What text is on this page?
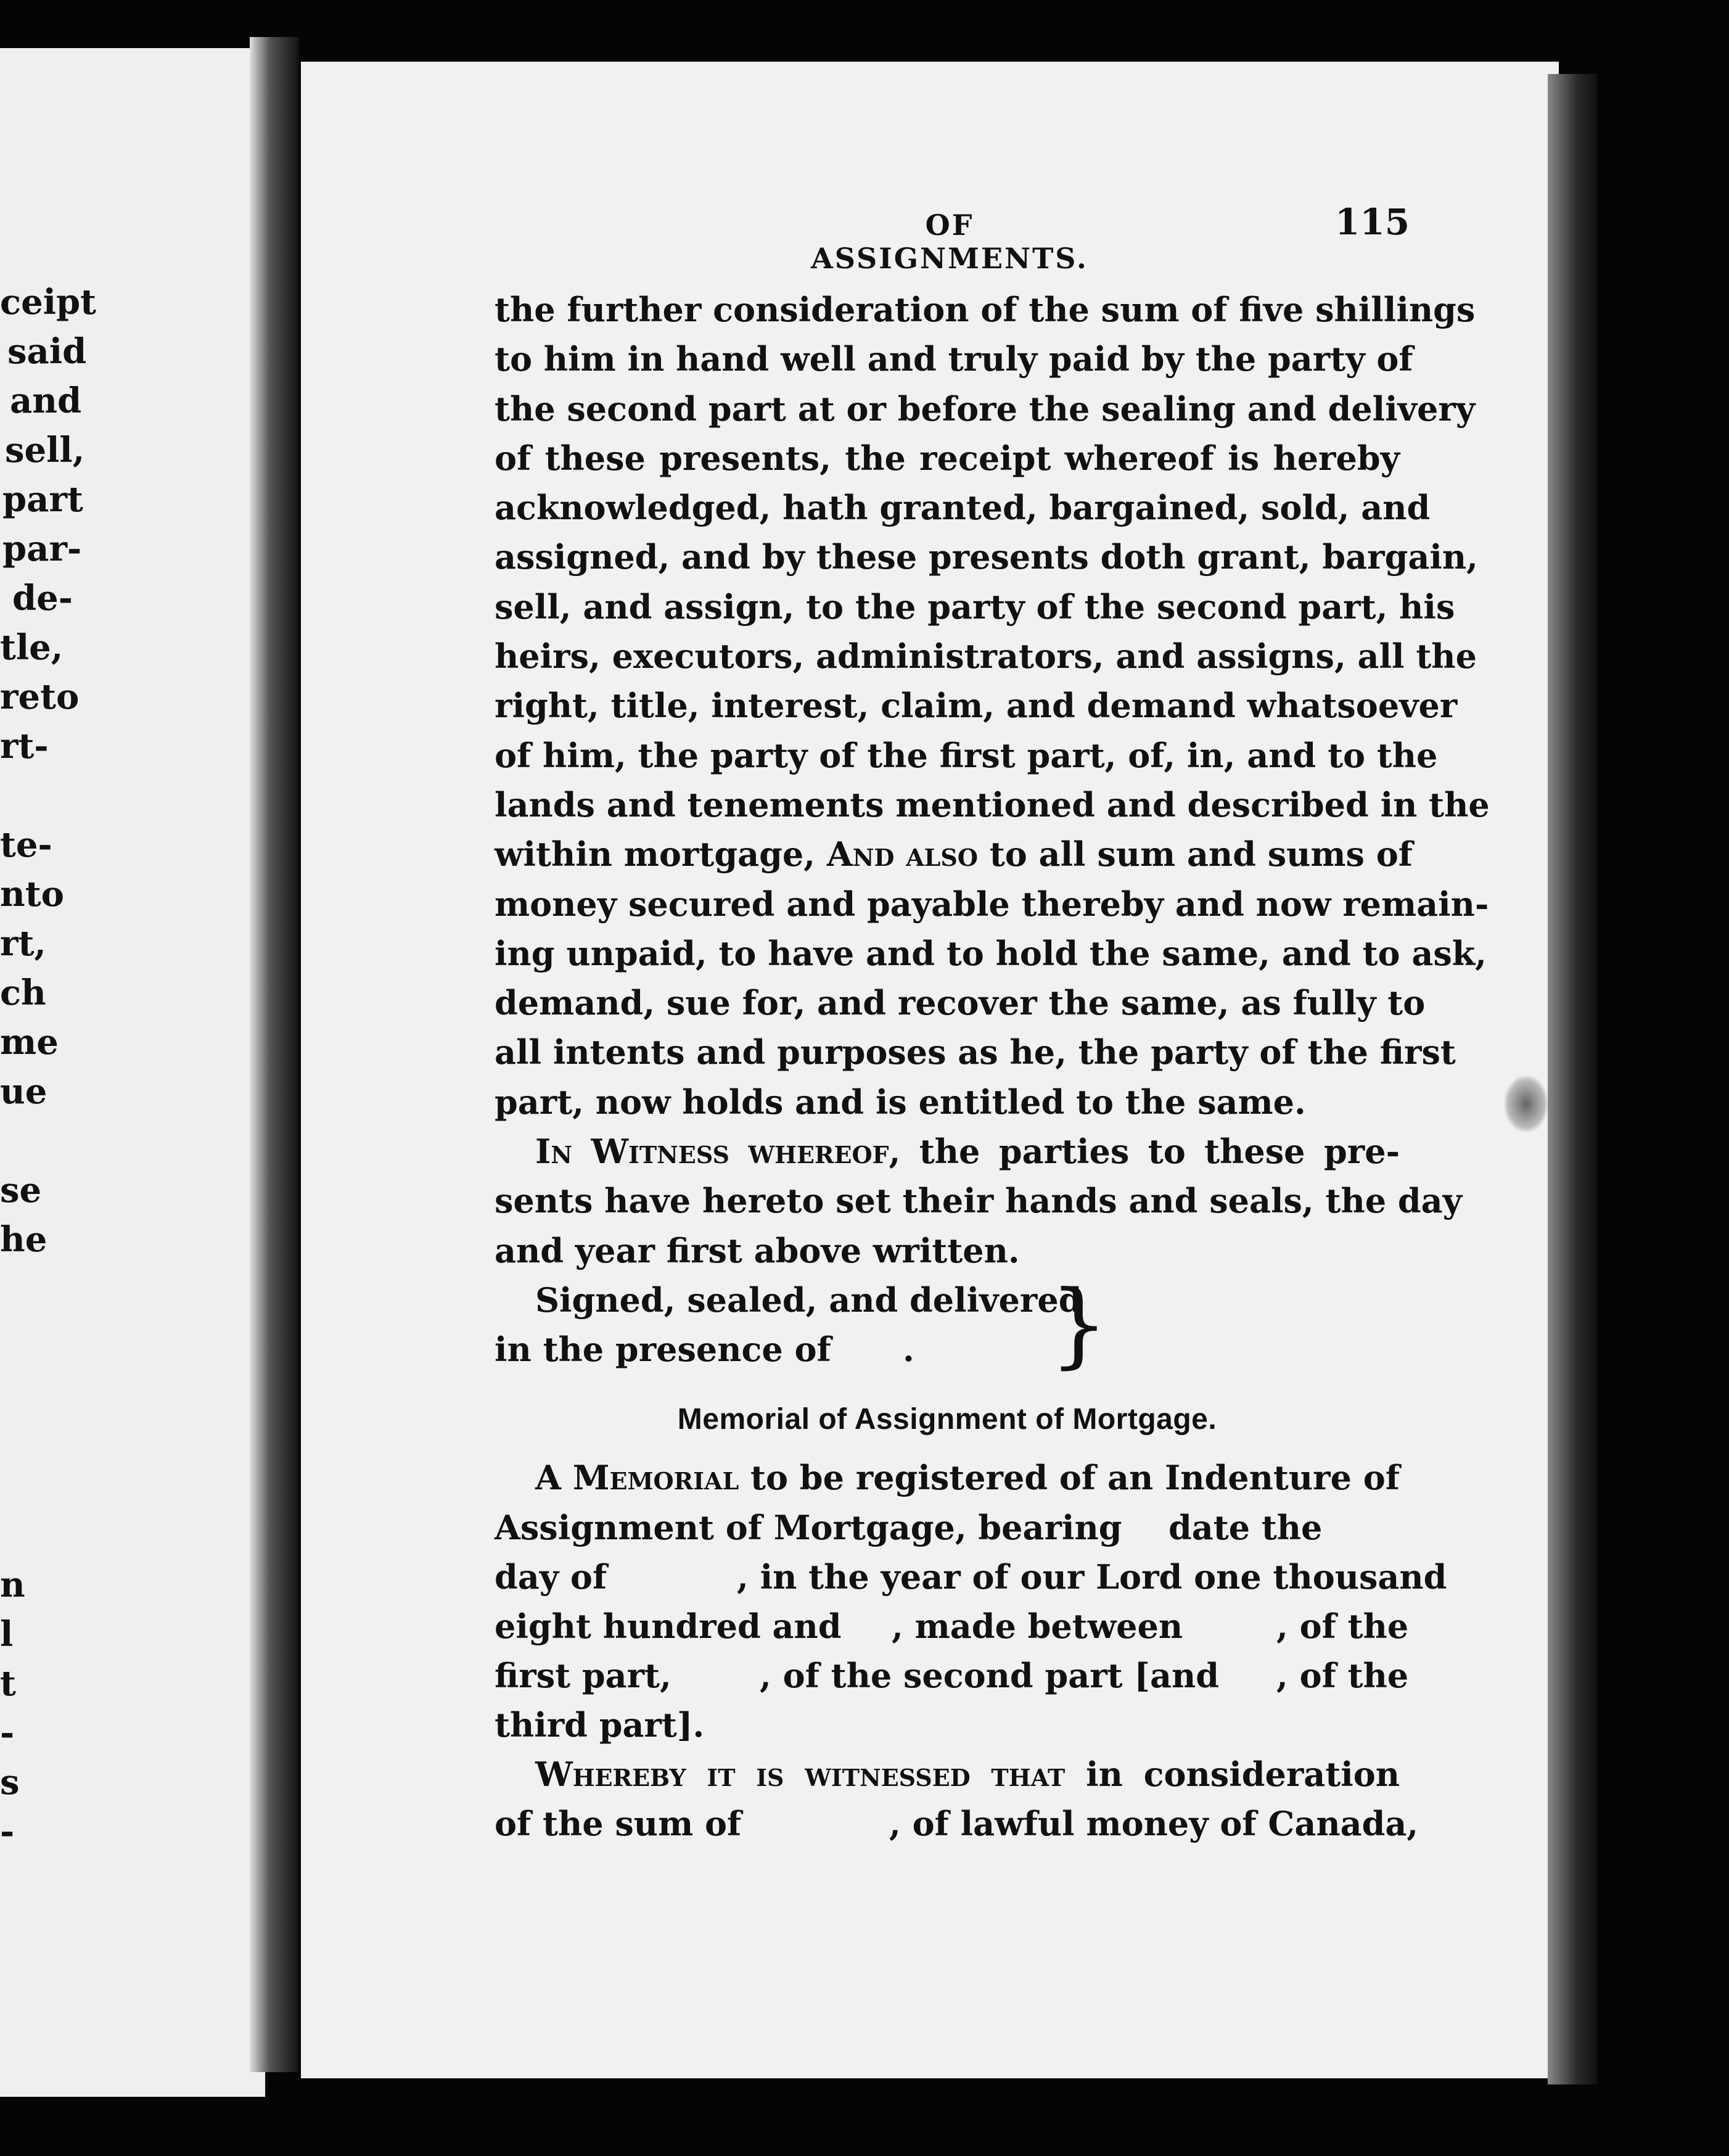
ceipt
said
and
sell,
part
par-
de-
tle,
reto
rt-
te-
nto
rt,
ch
me
ue
se
he
n
l
t
-
s
-
OF ASSIGNMENTS.
115
the further consideration of the sum of five shillings
to him in hand well and truly paid by the party of
the second part at or before the sealing and delivery
of these presents, the receipt whereof is hereby
acknowledged, hath granted, bargained, sold, and
assigned, and by these presents doth grant, bargain,
sell, and assign, to the party of the second part, his
heirs, executors, administrators, and assigns, all the
right, title, interest, claim, and demand whatsoever
of him, the party of the first part, of, in, and to the
lands and tenements mentioned and described in the
within mortgage, And also to all sum and sums of
money secured and payable thereby and now remain-
ing unpaid, to have and to hold the same, and to ask,
demand, sue for, and recover the same, as fully to
all intents and purposes as he, the party of the first
part, now holds and is entitled to the same.
In Witness whereof, the parties to these pre-
sents have hereto set their hands and seals, the day
and year first above written.
Signed, sealed, and delivered
in the presence of . }
Memorial of Assignment of Mortgage.
A Memorial to be registered of an Indenture of
Assignment of Mortgage, bearing date the
day of	, in the year of our Lord one thousand
eight hundred and , made between	, of the
first part,	, of the second part [and , of the
third part].
Whereby it is witnessed that in consideration
of the sum of	, of lawful money of Canada,
